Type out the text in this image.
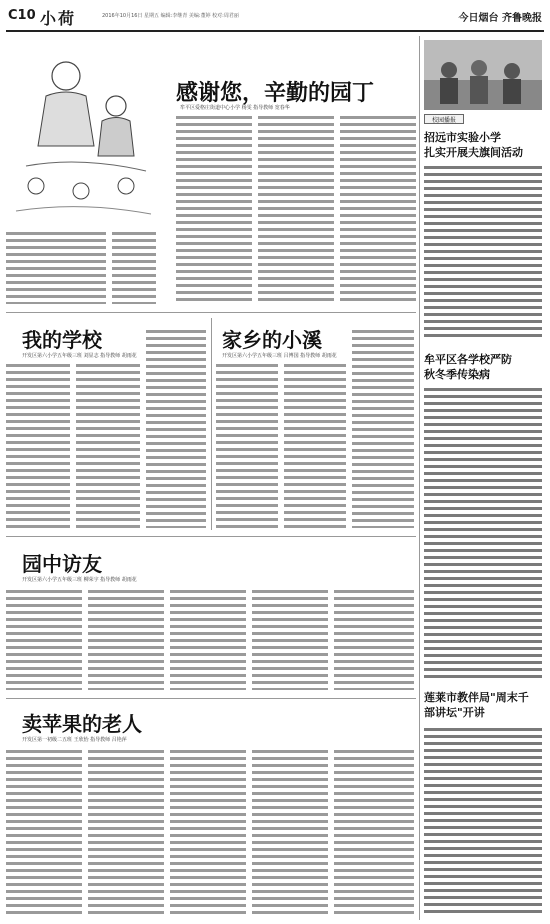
C10 小荷	2016年10月16日 星期五 编辑:李继青 美编:董婷 校对:周君丽	今日烟台 齐鲁晚报
感谢您，辛勤的园丁
牟平区爱格庄街道中心小学 杨雯 指导教师 宽春华
校园播报
招远市实验小学
扎实开展夫旗间活动
牟平区各学校严防
秋冬季传染病
莲莱市教伴局"周末千
部讲坛"开讲
我的学校
开发区第六小学五年级三班 刘显志 指导教师 胡雨花
家乡的小溪
开发区第六小学五年级三班 吕博国 指导教师 胡雨花
园中访友
开发区第六小学五年级三班 柳荣宇 指导教师 胡雨花
卖苹果的老人
开发区第一初级二五班 王欣怡 指导教师 吕艳萍
